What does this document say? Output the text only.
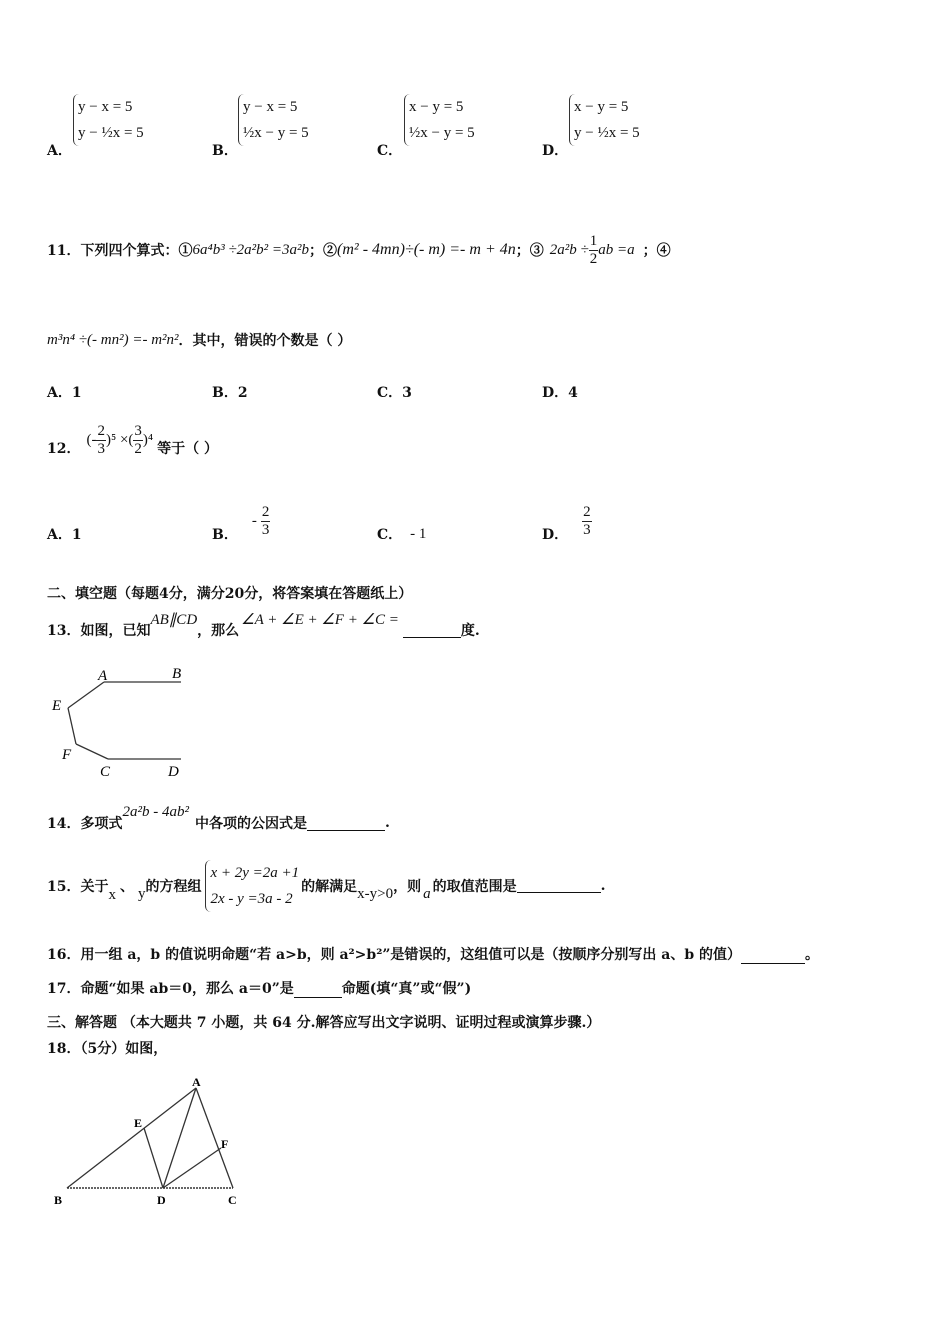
A．
y − x = 5
y − ½x = 5
B．
y − x = 5
½x − y = 5
C．
x − y = 5
½x − y = 5
D．
x − y = 5
y − ½x = 5
11．下列四个算式：① 6a⁴b³ ÷2a²b² =3a²b ；② (m² - 4mn)÷(- m) =- m + 4n ；③ $2a^2b \div \frac{1}{2}$ ab =a ；④
m³n⁴ ÷(- mn²) =- m²n² ．其中，错误的个数是（ ）
A．1	B．2	C．3	D．4
12．
(- $\frac{2}{3} )^5$ ×( $\frac{3}{2} )^4$
等于（ ）
A．1	B．
- $\frac{2}{3}$	C． - 1	D． $\frac{2}{3}$
二、填空题（每题4分，满分20分，将答案填在答题纸上）
13．如图，已知
AB∥CD
，那么
∠A + ∠E + ∠F + ∠C =
度.
A	B
E
F
C	D
14．多项式
2a²b - 4ab²
中各项的公因式是	.
15．关于 x 、 y 的方程组
x + 2y =2a +1
2x - y =3a - 2
的解满足 x-y>0 ，则 a 的取值范围是	.
16．用一组 a，b 的值说明命题“若 a>b，则 a²>b²”是错误的，这组值可以是（按顺序分别写出 a、b 的值）	。
17．命题“如果 ab＝0，那么 a＝0”是	命题(填“真”或“假”)
三、解答题 （本大题共 7 小题，共 64 分.解答应写出文字说明、证明过程或演算步骤.）
18．（5分）如图，
A
E
F
B	D	C
